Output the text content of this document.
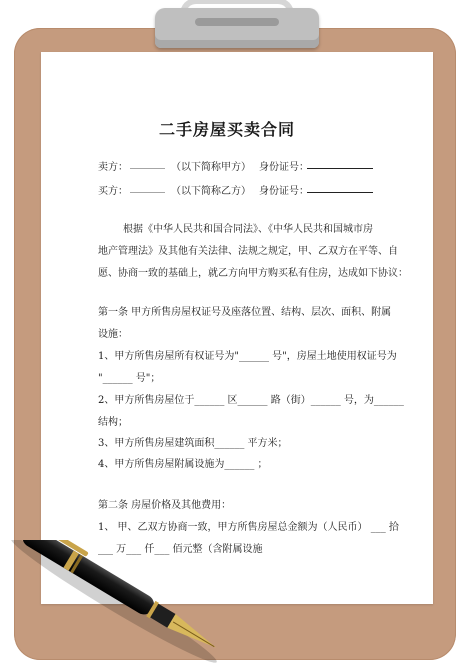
二手房屋买卖合同
卖方： _______ （以下简称甲方） 身份证号：
买方： _______ （以下简称乙方） 身份证号：
根据《中华人民共和国合同法》、《中华人民共和国城市房
地产管理法》及其他有关法律、法规之规定，甲、乙双方在平等、自
愿、协商一致的基础上，就乙方向甲方购买私有住房，达成如下协议：
第一条 甲方所售房屋权证号及座落位置、结构、层次、面积、附属
设施：
1、甲方所售房屋所有权证号为"______ 号"，房屋土地使用权证号为
"______ 号"；
2、甲方所售房屋位于______ 区______ 路（街）______ 号，为______
结构；
3、甲方所售房屋建筑面积______ 平方米；
4、甲方所售房屋附属设施为______ ；
第二条 房屋价格及其他费用：
1、 甲、乙双方协商一致，甲方所售房屋总金额为（人民币） ___ 拾
___ 万___ 仟___ 佰元整（含附属设施
